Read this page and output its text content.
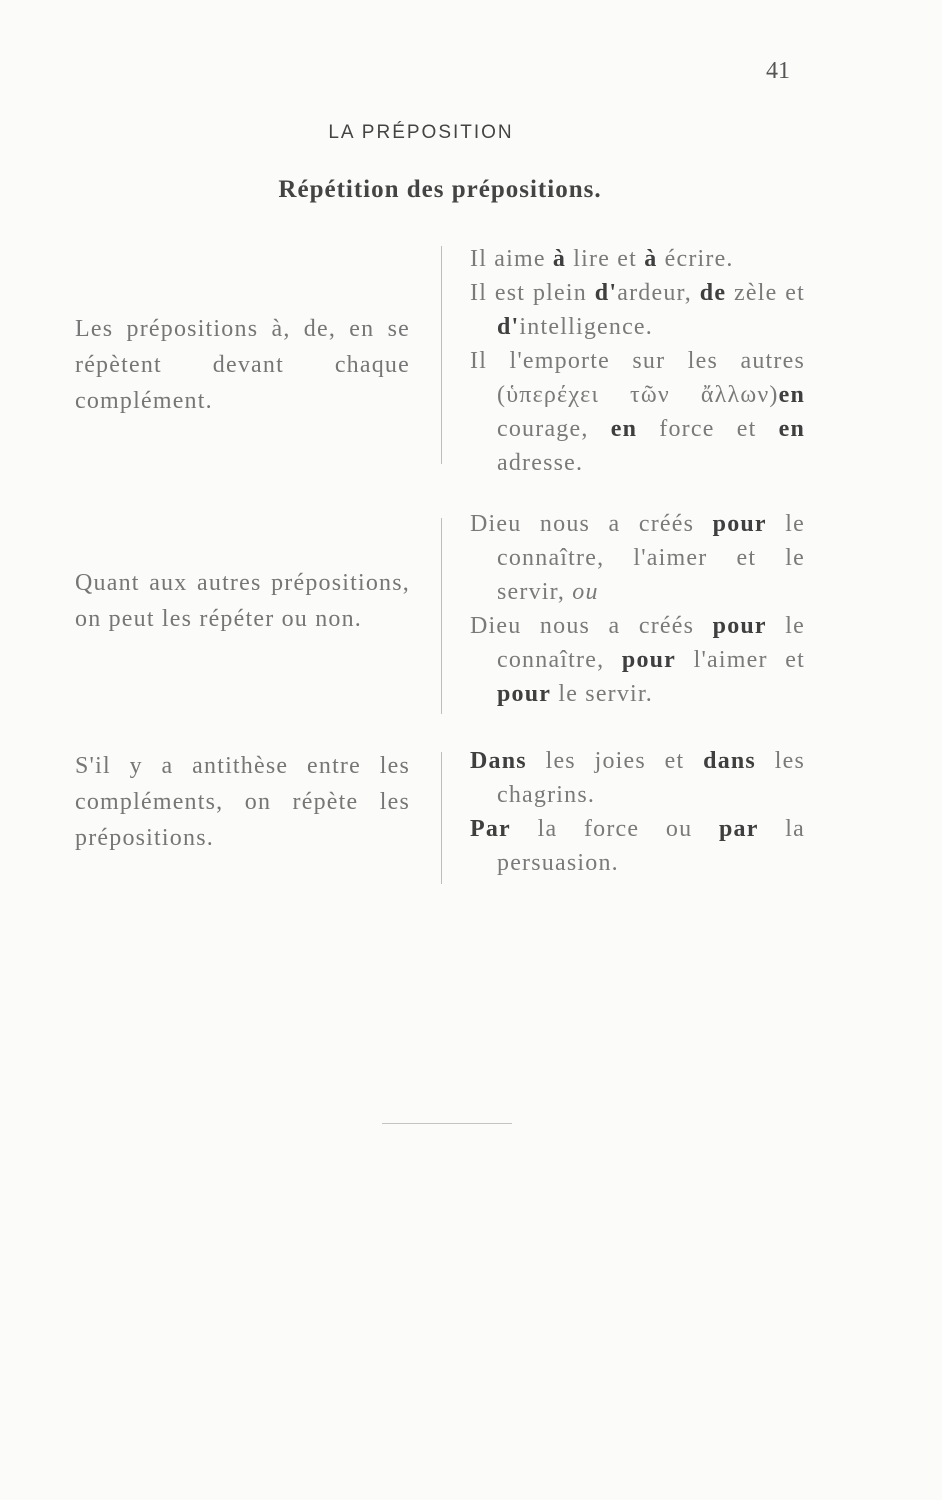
41
LA PRÉPOSITION
Répétition des prépositions.

Les prépositions à, de, en se répètent devant chaque complément.

Il aime à lire et à écrire.

Il est plein d'ardeur, de zèle et d'intelligence.

Il l'emporte sur les autres (ὑπερέχει τῶν ἄλλων)en courage, en force et en adresse.

Quant aux autres prépositions, on peut les répéter ou non.

Dieu nous a créés pour le connaître, l'aimer et le servir, ou

Dieu nous a créés pour le connaître, pour l'aimer et pour le servir.

S'il y a antithèse entre les compléments, on répète les prépositions.

Dans les joies et dans les chagrins.

Par la force ou par la persuasion.
